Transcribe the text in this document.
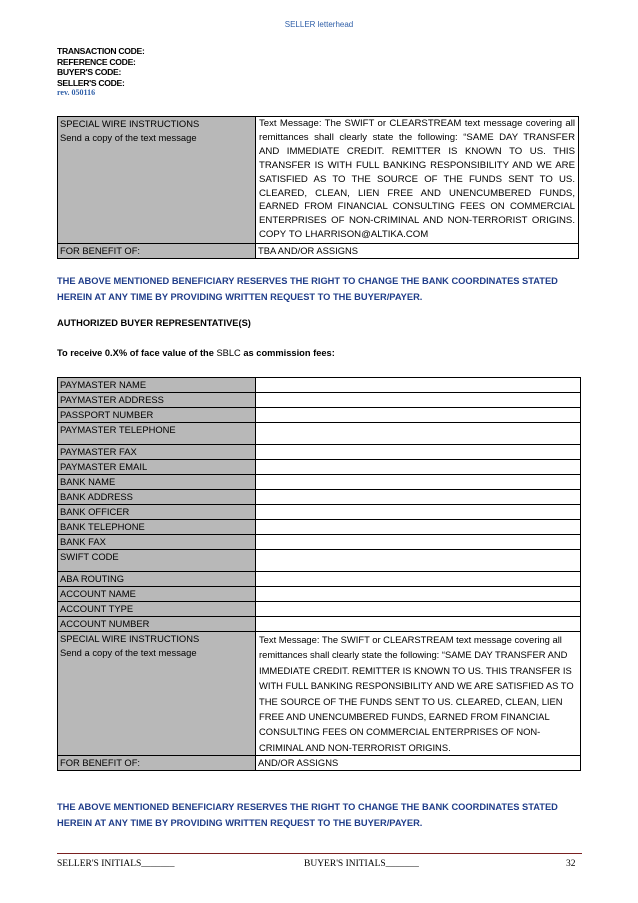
SELLER letterhead
TRANSACTION CODE:
REFERENCE CODE:
BUYER'S CODE:
SELLER'S CODE:
rev. 050116
SPECIAL WIRE INSTRUCTIONS
Send a copy of the text message	Text Message: The SWIFT or CLEARSTREAM text message covering all remittances shall clearly state the following: “SAME DAY TRANSFER AND IMMEDIATE CREDIT. REMITTER IS KNOWN TO US. THIS TRANSFER IS WITH FULL BANKING RESPONSIBILITY AND WE ARE SATISFIED AS TO THE SOURCE OF THE FUNDS SENT TO US. CLEARED, CLEAN, LIEN FREE AND UNENCUMBERED FUNDS, EARNED FROM FINANCIAL CONSULTING FEES ON COMMERCIAL ENTERPRISES OF NON-CRIMINAL AND NON-TERRORIST ORIGINS. COPY TO LHARRISON@ALTIKA.COM
FOR BENEFIT OF:	TBA AND/OR ASSIGNS
THE ABOVE MENTIONED BENEFICIARY RESERVES THE RIGHT TO CHANGE THE BANK COORDINATES STATED HEREIN AT ANY TIME BY PROVIDING WRITTEN REQUEST TO THE BUYER/PAYER.
AUTHORIZED BUYER REPRESENTATIVE(S)
To receive 0.X% of face value of the SBLC as commission fees:
PAYMASTER NAME	
PAYMASTER ADDRESS	
PASSPORT NUMBER	
PAYMASTER TELEPHONE	
PAYMASTER FAX	
PAYMASTER EMAIL	
BANK NAME	
BANK ADDRESS	
BANK OFFICER	
BANK TELEPHONE	
BANK FAX	
SWIFT CODE	
ABA ROUTING	
ACCOUNT NAME	
ACCOUNT TYPE	
ACCOUNT NUMBER	

SPECIAL WIRE INSTRUCTIONS
Send a copy of the text message	Text Message: The SWIFT or CLEARSTREAM text message covering all remittances shall clearly state the following: “SAME DAY TRANSFER AND IMMEDIATE CREDIT. REMITTER IS KNOWN TO US. THIS TRANSFER IS WITH FULL BANKING RESPONSIBILITY AND WE ARE SATISFIED AS TO THE SOURCE OF THE FUNDS SENT TO US. CLEARED, CLEAN, LIEN FREE AND UNENCUMBERED FUNDS, EARNED FROM FINANCIAL CONSULTING FEES ON COMMERCIAL ENTERPRISES OF NON-CRIMINAL AND NON-TERRORIST ORIGINS.
FOR BENEFIT OF:	AND/OR ASSIGNS
THE ABOVE MENTIONED BENEFICIARY RESERVES THE RIGHT TO CHANGE THE BANK COORDINATES STATED HEREIN AT ANY TIME BY PROVIDING WRITTEN REQUEST TO THE BUYER/PAYER.
SELLER'S INITIALS_______	BUYER'S INITIALS_______	32
